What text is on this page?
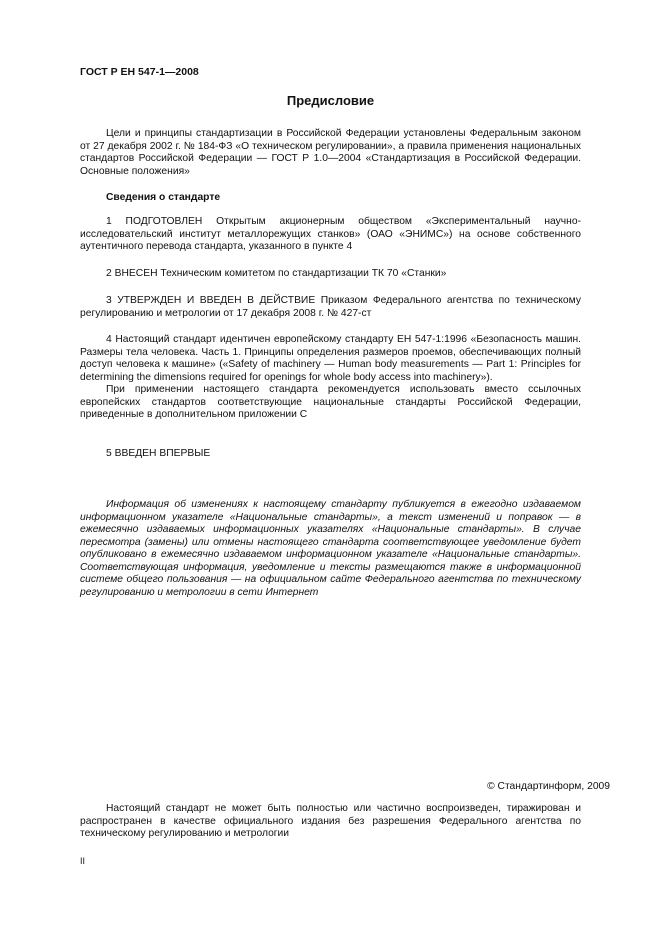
ГОСТ Р ЕН 547-1—2008
Предисловие

Цели и принципы стандартизации в Российской Федерации установлены Федеральным законом от 27 декабря 2002 г. № 184-ФЗ «О техническом регулировании», а правила применения национальных стандартов Российской Федерации — ГОСТ Р 1.0—2004 «Стандартизация в Российской Федерации. Основные положения»

Сведения о стандарте

1 ПОДГОТОВЛЕН Открытым акционерным обществом «Экспериментальный научно-исследовательский институт металлорежущих станков» (ОАО «ЭНИМС») на основе собственного аутентичного перевода стандарта, указанного в пункте 4

2 ВНЕСЕН Техническим комитетом по стандартизации ТК 70 «Станки»

3 УТВЕРЖДЕН И ВВЕДЕН В ДЕЙСТВИЕ Приказом Федерального агентства по техническому регулированию и метрологии от 17 декабря 2008 г. № 427-ст

4 Настоящий стандарт идентичен европейскому стандарту ЕН 547-1:1996 «Безопасность машин. Размеры тела человека. Часть 1. Принципы определения размеров проемов, обеспечивающих полный доступ человека к машине» («Safety of machinery — Human body measurements — Part 1: Principles for determining the dimensions required for openings for whole body access into machinery»).

При применении настоящего стандарта рекомендуется использовать вместо ссылочных европейских стандартов соответствующие национальные стандарты Российской Федерации, приведенные в дополнительном приложении С

5 ВВЕДЕН ВПЕРВЫЕ

Информация об изменениях к настоящему стандарту публикуется в ежегодно издаваемом информационном указателе «Национальные стандарты», а текст изменений и поправок — в ежемесячно издаваемых информационных указателях «Национальные стандарты». В случае пересмотра (замены) или отмены настоящего стандарта соответствующее уведомление будет опубликовано в ежемесячно издаваемом информационном указателе «Национальные стандарты». Соответствующая информация, уведомление и тексты размещаются также в информационной системе общего пользования — на официальном сайте Федерального агентства по техническому регулированию и метрологии в сети Интернет

© Стандартинформ, 2009

Настоящий стандарт не может быть полностью или частично воспроизведен, тиражирован и распространен в качестве официального издания без разрешения Федерального агентства по техническому регулированию и метрологии

II
